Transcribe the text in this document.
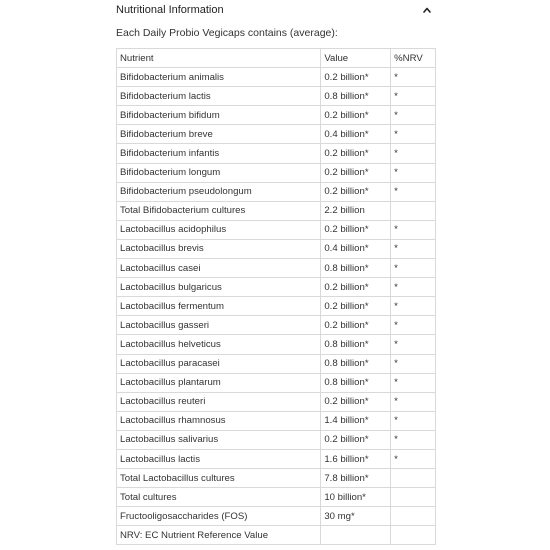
Nutritional Information
Each Daily Probio Vegicaps contains (average):
Nutrient	Value	%NRV
Bifidobacterium animalis	0.2 billion*	*
Bifidobacterium lactis	0.8 billion*	*
Bifidobacterium bifidum	0.2 billion*	*
Bifidobacterium breve	0.4 billion*	*
Bifidobacterium infantis	0.2 billion*	*
Bifidobacterium longum	0.2 billion*	*
Bifidobacterium pseudolongum	0.2 billion*	*
Total Bifidobacterium cultures	2.2 billion	
Lactobacillus acidophilus	0.2 billion*	*
Lactobacillus brevis	0.4 billion*	*
Lactobacillus casei	0.8 billion*	*
Lactobacillus bulgaricus	0.2 billion*	*
Lactobacillus fermentum	0.2 billion*	*
Lactobacillus gasseri	0.2 billion*	*
Lactobacillus helveticus	0.8 billion*	*
Lactobacillus paracasei	0.8 billion*	*
Lactobacillus plantarum	0.8 billion*	*
Lactobacillus reuteri	0.2 billion*	*
Lactobacillus rhamnosus	1.4 billion*	*
Lactobacillus salivarius	0.2 billion*	*
Lactobacillus lactis	1.6 billion*	*
Total Lactobacillus cultures	7.8 billion*	
Total cultures	10 billion*	
Fructooligosaccharides (FOS)	30 mg*	
NRV: EC Nutrient Reference Value		
